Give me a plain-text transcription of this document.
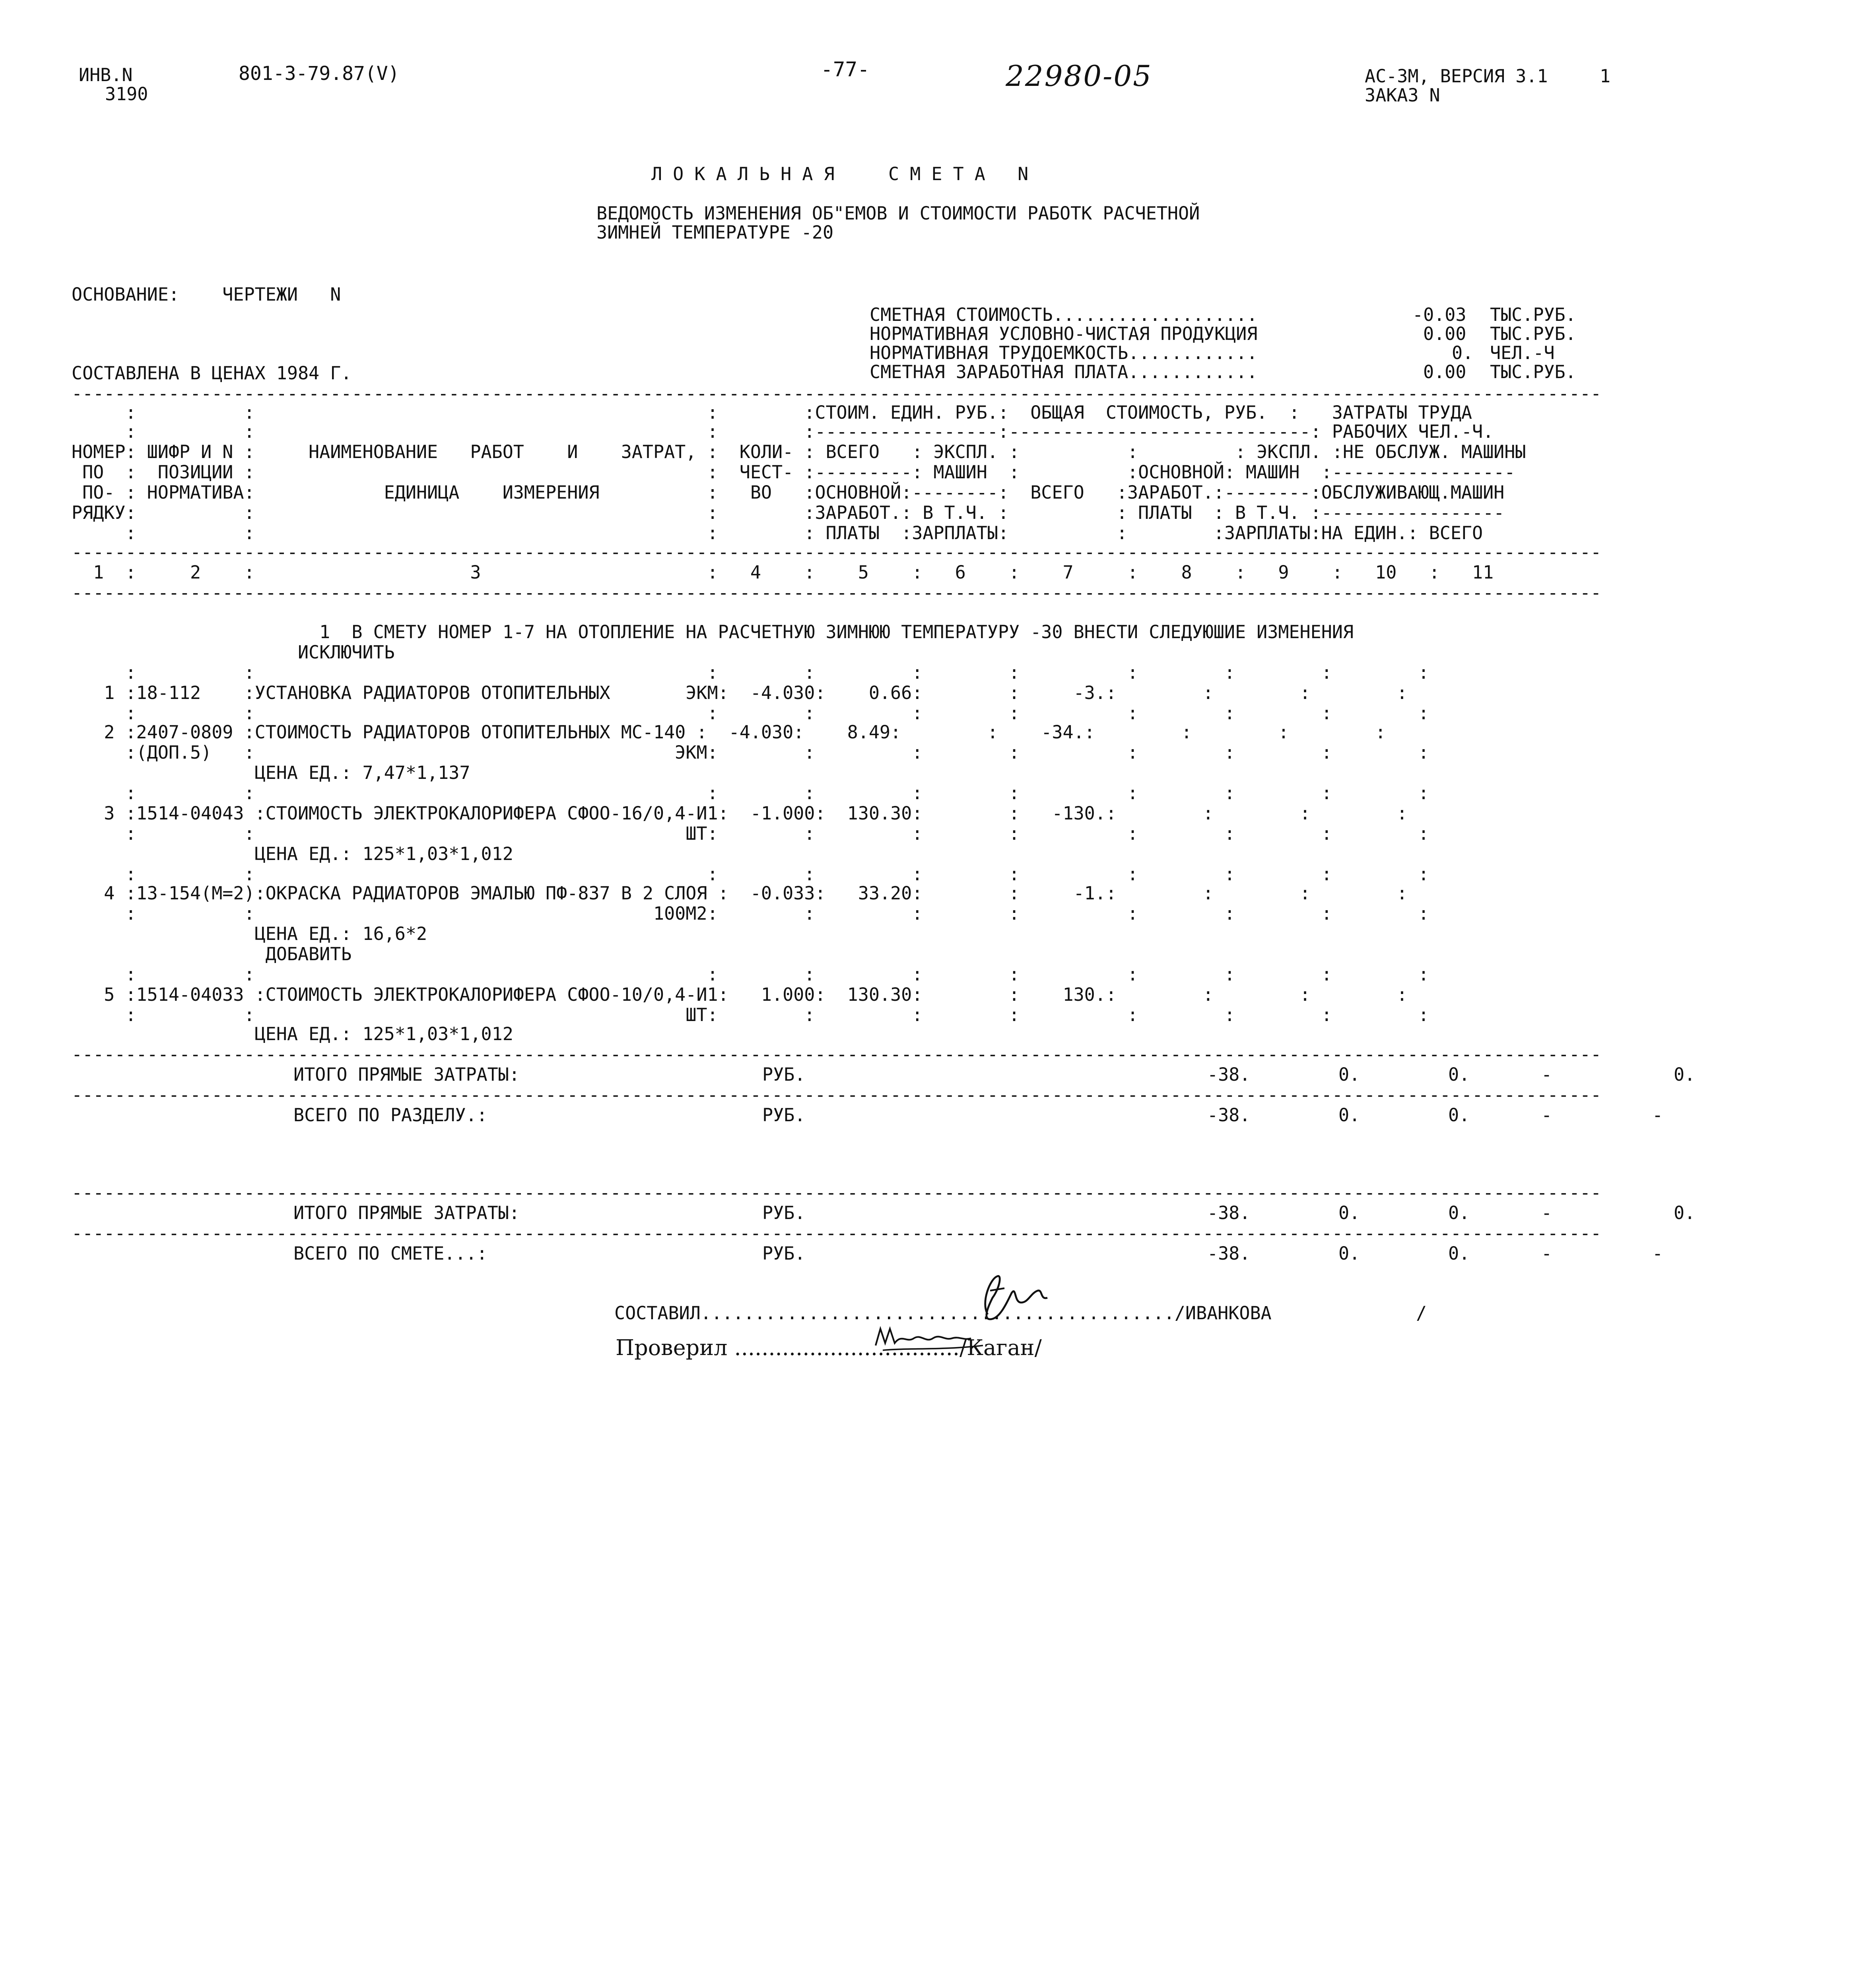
ИНВ.N
3190
801-3-79.87(V)	-77-	22980-05	АС-3М, ВЕРСИЯ 3.1	1
ЗАКАЗ N
Л О К А Л Ь Н А Я     С М Е Т А   N
ВЕДОМОСТЬ ИЗМЕНЕНИЯ ОБ"ЕМОВ И СТОИМОСТИ РАБОТК РАСЧЕТНОЙ
ЗИМНЕЙ ТЕМПЕРАТУРЕ -20
ОСНОВАНИЕ:    ЧЕРТЕЖИ   N
СОСТАВЛЕНА В ЦЕНАХ 1984 Г.
СМЕТНАЯ СТОИМОСТЬ...................	-0.03	ТЫС.РУБ.
НОРМАТИВНАЯ УСЛОВНО-ЧИСТАЯ ПРОДУКЦИЯ	0.00	ТЫС.РУБ.
НОРМАТИВНАЯ ТРУДОЕМКОСТЬ............	0.	ЧЕЛ.-Ч
СМЕТНАЯ ЗАРАБОТНАЯ ПЛАТА............	0.00	ТЫС.РУБ.
----------------------------------------------------------------------------------------------------------------------------------------------
:          :                                          :        :СТОИМ. ЕДИН. РУБ.:  ОБЩАЯ  СТОИМОСТЬ, РУБ.  :   ЗАТРАТЫ ТРУДА
:          :                                          :        :-----------------:----------------------------: РАБОЧИХ ЧЕЛ.-Ч.
НОМЕР: ШИФР И N :     НАИМЕНОВАНИЕ   РАБОТ    И    ЗАТРАТ, :  КОЛИ- : ВСЕГО   : ЭКСПЛ. :          :         : ЭКСПЛ. :НЕ ОБСЛУЖ. МАШИНЫ
ПО  :  ПОЗИЦИИ :                                          :  ЧЕСТ- :---------: МАШИН  :          :ОСНОВНОЙ: МАШИН  :-----------------
ПО- : НОРМАТИВА:            ЕДИНИЦА    ИЗМЕРЕНИЯ          :   ВО   :ОСНОВНОЙ:--------:  ВСЕГО   :ЗАРАБОТ.:--------:ОБСЛУЖИВАЮЩ.МАШИН
РЯДКУ:          :                                          :        :ЗАРАБОТ.: В Т.Ч. :          : ПЛАТЫ  : В Т.Ч. :-----------------
:          :                                          :        : ПЛАТЫ  :ЗАРПЛАТЫ:          :        :ЗАРПЛАТЫ:НА ЕДИН.: ВСЕГО
----------------------------------------------------------------------------------------------------------------------------------------------
1  :     2    :                    3                     :   4    :    5    :   6    :    7     :    8    :   9    :   10   :   11
----------------------------------------------------------------------------------------------------------------------------------------------
1  В СМЕТУ НОМЕР 1-7 НА ОТОПЛЕНИЕ НА РАСЧЕТНУЮ ЗИМНЮЮ ТЕМПЕРАТУРУ -30 ВНЕСТИ СЛЕДУЮШИЕ ИЗМЕНЕНИЯ
ИСКЛЮЧИТЬ
:          :                                          :        :         :        :          :        :        :        :
1 :18-112    :УСТАНОВКА РАДИАТОРОВ ОТОПИТЕЛЬНЫХ       ЭКМ:  -4.030:    0.66:        :     -3.:        :        :        :
:          :                                          :        :         :        :          :        :        :        :
2 :2407-0809 :СТОИМОСТЬ РАДИАТОРОВ ОТОПИТЕЛЬНЫХ МС-140 :  -4.030:    8.49:        :    -34.:        :        :        :
:(ДОП.5)   :                                       ЭКМ:        :         :        :          :        :        :        :
ЦЕНА ЕД.: 7,47*1,137
:          :                                          :        :         :        :          :        :        :        :
3 :1514-04043 :СТОИМОСТЬ ЭЛЕКТРОКАЛОРИФЕРА СФОО-16/0,4-И1:  -1.000:  130.30:        :   -130.:        :        :        :
:          :                                        ШТ:        :         :        :          :        :        :        :
ЦЕНА ЕД.: 125*1,03*1,012
:          :                                          :        :         :        :          :        :        :        :
4 :13-154(М=2):ОКРАСКА РАДИАТОРОВ ЭМАЛЬЮ ПФ-837 В 2 СЛОЯ :  -0.033:   33.20:        :     -1.:        :        :        :
:          :                                     100М2:        :         :        :          :        :        :        :
ЦЕНА ЕД.: 16,6*2
ДОБАВИТЬ
:          :                                          :        :         :        :          :        :        :        :
5 :1514-04033 :СТОИМОСТЬ ЭЛЕКТРОКАЛОРИФЕРА СФОО-10/0,4-И1:   1.000:  130.30:        :    130.:        :        :        :
:          :                                        ШТ:        :         :        :          :        :        :        :
ЦЕНА ЕД.: 125*1,03*1,012
----------------------------------------------------------------------------------------------------------------------------------------------
ИТОГО ПРЯМЫЕ ЗАТРАТЫ:	РУБ.	-38.	0.	0.	-	0.
----------------------------------------------------------------------------------------------------------------------------------------------
ВСЕГО ПО РАЗДЕЛУ.:	РУБ.	-38.	0.	0.	-	-
----------------------------------------------------------------------------------------------------------------------------------------------
ИТОГО ПРЯМЫЕ ЗАТРАТЫ:	РУБ.	-38.	0.	0.	-	0.
----------------------------------------------------------------------------------------------------------------------------------------------
ВСЕГО ПО СМЕТЕ...:	РУБ.	-38.	0.	0.	-	-
СОСТАВИЛ............................................/ИВАНКОВА	/
Проверил ................................./Каган/
